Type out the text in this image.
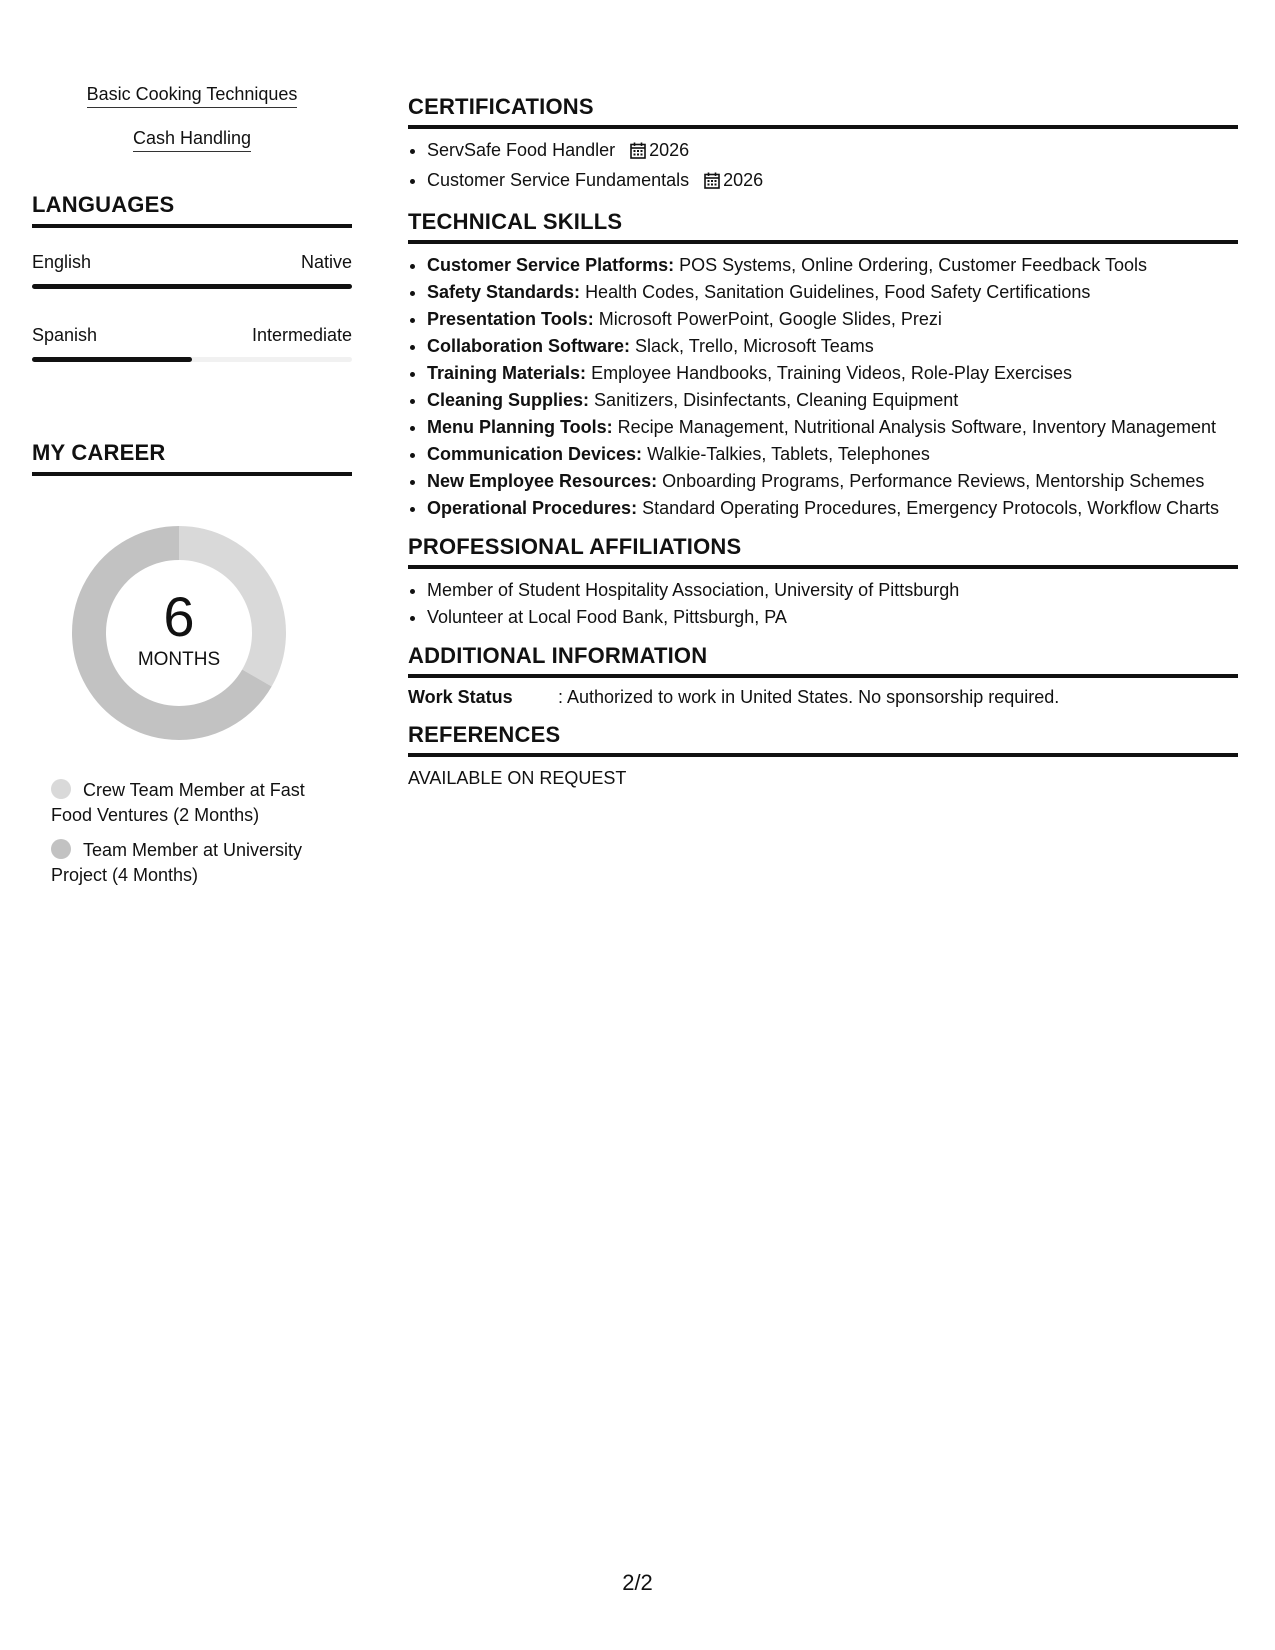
Basic Cooking Techniques
Cash Handling
LANGUAGES
English	Native
Spanish	Intermediate
MY CAREER
6
MONTHS
Crew Team Member at Fast Food Ventures (2 Months)
Team Member at University Project (4 Months)
CERTIFICATIONS
• ServSafe Food Handler 2026
• Customer Service Fundamentals 2026
TECHNICAL SKILLS
• Customer Service Platforms: POS Systems, Online Ordering, Customer Feedback Tools
• Safety Standards: Health Codes, Sanitation Guidelines, Food Safety Certifications
• Presentation Tools: Microsoft PowerPoint, Google Slides, Prezi
• Collaboration Software: Slack, Trello, Microsoft Teams
• Training Materials: Employee Handbooks, Training Videos, Role-Play Exercises
• Cleaning Supplies: Sanitizers, Disinfectants, Cleaning Equipment
• Menu Planning Tools: Recipe Management, Nutritional Analysis Software, Inventory Management
• Communication Devices: Walkie-Talkies, Tablets, Telephones
• New Employee Resources: Onboarding Programs, Performance Reviews, Mentorship Schemes
• Operational Procedures: Standard Operating Procedures, Emergency Protocols, Workflow Charts
PROFESSIONAL AFFILIATIONS
• Member of Student Hospitality Association, University of Pittsburgh
• Volunteer at Local Food Bank, Pittsburgh, PA
ADDITIONAL INFORMATION
Work Status	: Authorized to work in United States. No sponsorship required.
REFERENCES
AVAILABLE ON REQUEST
2/2
